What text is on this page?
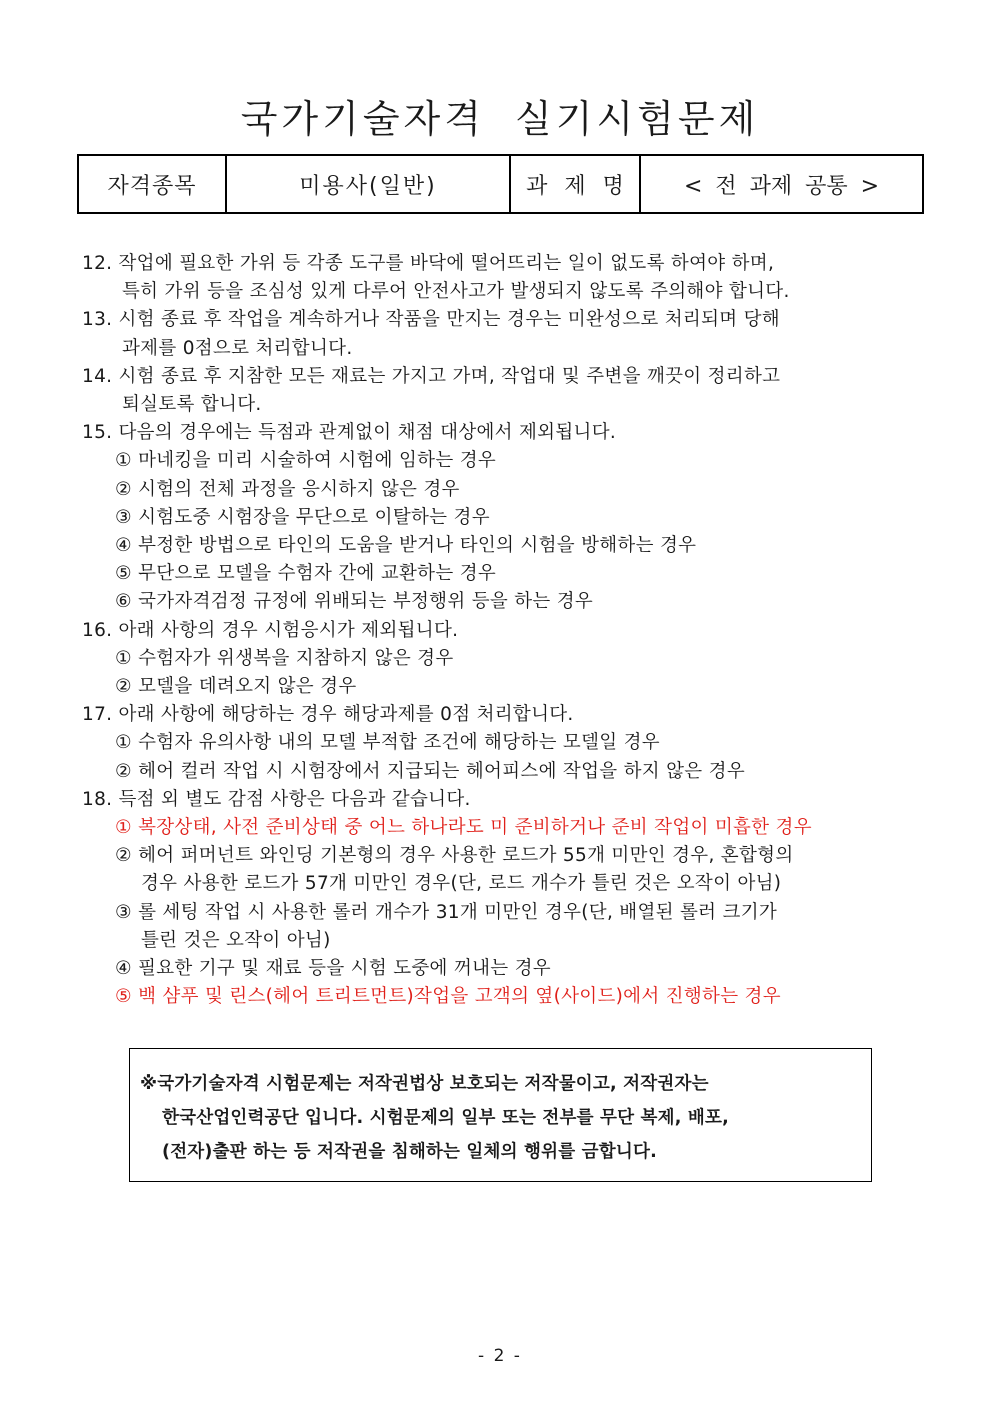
국가기술자격 실기시험문제
자격종목	미용사(일반)	과 제 명	< 전 과제 공통 >
12. 작업에 필요한 가위 등 각종 도구를 바닥에 떨어뜨리는 일이 없도록 하여야 하며,
특히 가위 등을 조심성 있게 다루어 안전사고가 발생되지 않도록 주의해야 합니다.
13. 시험 종료 후 작업을 계속하거나 작품을 만지는 경우는 미완성으로 처리되며 당해
과제를 0점으로 처리합니다.
14. 시험 종료 후 지참한 모든 재료는 가지고 가며, 작업대 및 주변을 깨끗이 정리하고
퇴실토록 합니다.
15. 다음의 경우에는 득점과 관계없이 채점 대상에서 제외됩니다.
① 마네킹을 미리 시술하여 시험에 임하는 경우
② 시험의 전체 과정을 응시하지 않은 경우
③ 시험도중 시험장을 무단으로 이탈하는 경우
④ 부정한 방법으로 타인의 도움을 받거나 타인의 시험을 방해하는 경우
⑤ 무단으로 모델을 수험자 간에 교환하는 경우
⑥ 국가자격검정 규정에 위배되는 부정행위 등을 하는 경우
16. 아래 사항의 경우 시험응시가 제외됩니다.
① 수험자가 위생복을 지참하지 않은 경우
② 모델을 데려오지 않은 경우
17. 아래 사항에 해당하는 경우 해당과제를 0점 처리합니다.
① 수험자 유의사항 내의 모델 부적합 조건에 해당하는 모델일 경우
② 헤어 컬러 작업 시 시험장에서 지급되는 헤어피스에 작업을 하지 않은 경우
18. 득점 외 별도 감점 사항은 다음과 같습니다.
① 복장상태, 사전 준비상태 중 어느 하나라도 미 준비하거나 준비 작업이 미흡한 경우
② 헤어 퍼머넌트 와인딩 기본형의 경우 사용한 로드가 55개 미만인 경우, 혼합형의
경우 사용한 로드가 57개 미만인 경우(단, 로드 개수가 틀린 것은 오작이 아님)
③ 롤 세팅 작업 시 사용한 롤러 개수가 31개 미만인 경우(단, 배열된 롤러 크기가
틀린 것은 오작이 아님)
④ 필요한 기구 및 재료 등을 시험 도중에 꺼내는 경우
⑤ 백 샴푸 및 린스(헤어 트리트먼트)작업을 고객의 옆(사이드)에서 진행하는 경우
※국가기술자격 시험문제는 저작권법상 보호되는 저작물이고, 저작권자는
한국산업인력공단 입니다. 시험문제의 일부 또는 전부를 무단 복제, 배포,
(전자)출판 하는 등 저작권을 침해하는 일체의 행위를 금합니다.
- 2 -
